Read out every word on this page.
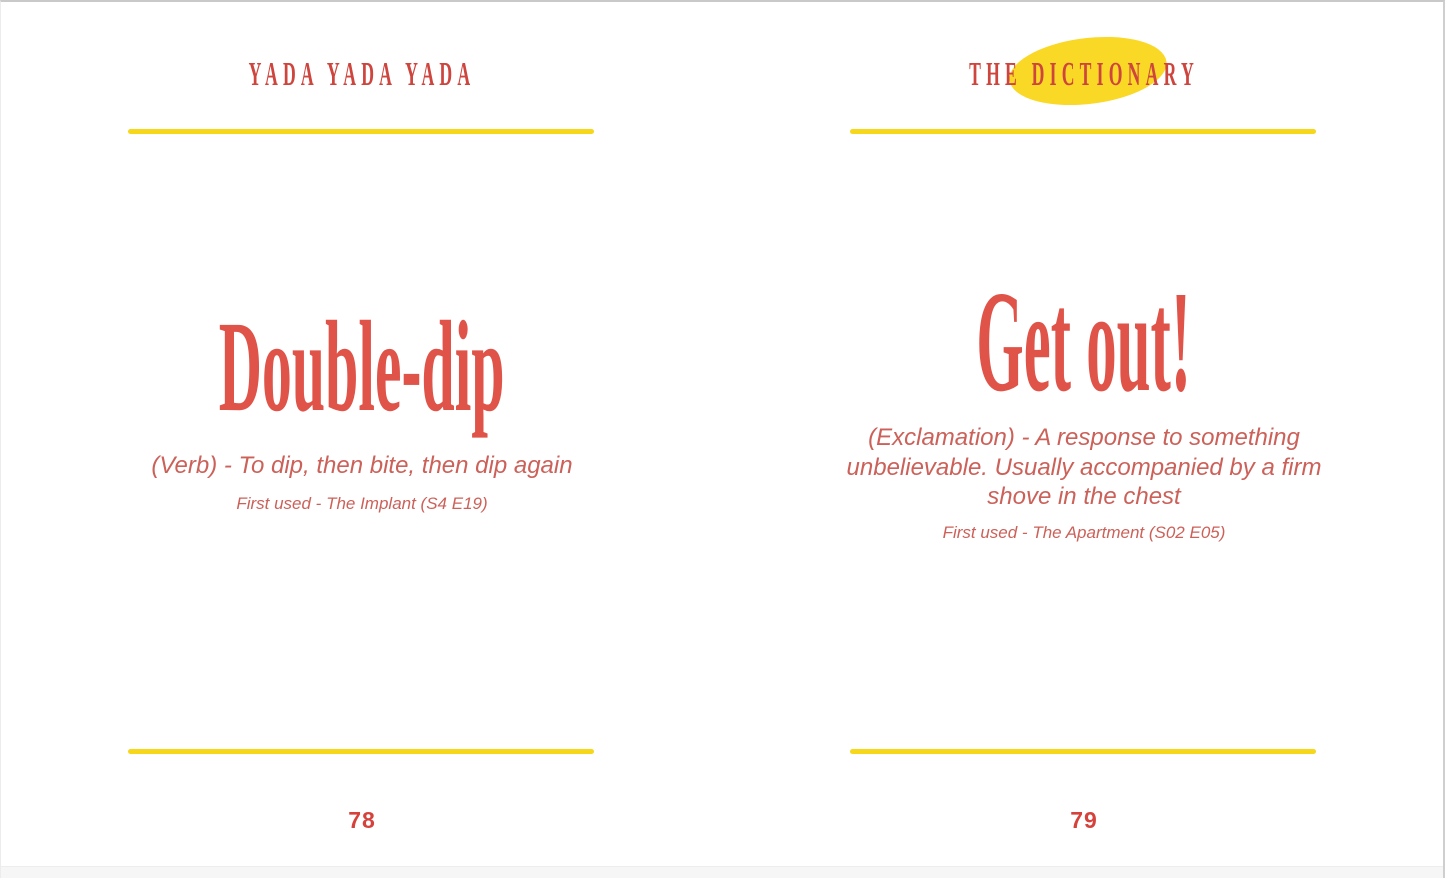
YADA YADA YADA
Double-dip

(Verb) - To dip, then bite, then dip again

First used - The Implant (S4 E19)

78
THE DICTIONARY
Get out!

(Exclamation) - A response to something unbelievable. Usually accompanied by a firm shove in the chest

First used - The Apartment (S02 E05)

79
